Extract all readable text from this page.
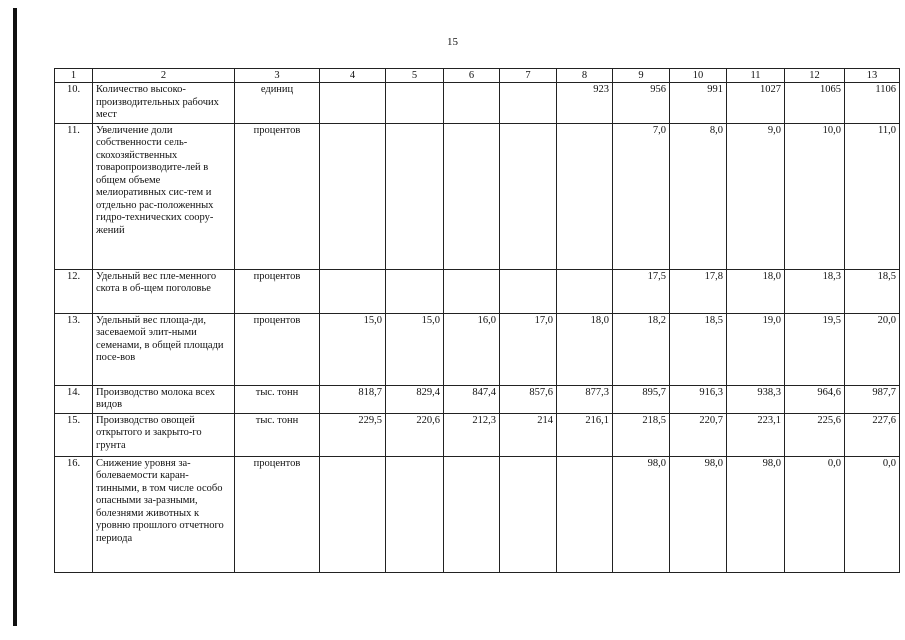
15
1	2	3	4	5	6	7	8	9	10	11	12	13
10.	Количество высоко-производительных рабочих мест	единиц					923	956	991	1027	1065	1106
11.	Увеличение доли собственности сель-скохозяйственных товаропроизводите-лей в общем объеме мелиоративных сис-тем и отдельно рас-положенных гидро-технических соору-жений	процентов						7,0	8,0	9,0	10,0	11,0
12.	Удельный вес пле-менного скота в об-щем поголовье	процентов						17,5	17,8	18,0	18,3	18,5
13.	Удельный вес площа-ди, засеваемой элит-ными семенами, в общей площади посе-вов	процентов	15,0	15,0	16,0	17,0	18,0	18,2	18,5	19,0	19,5	20,0
14.	Производство молока всех видов	тыс. тонн	818,7	829,4	847,4	857,6	877,3	895,7	916,3	938,3	964,6	987,7
15.	Производство овощей открытого и закрыто-го грунта	тыс. тонн	229,5	220,6	212,3	214	216,1	218,5	220,7	223,1	225,6	227,6
16.	Снижение уровня за-болеваемости каран-тинными, в том числе особо опасными за-разными, болезнями животных к уровню прошлого отчетного периода	процентов						98,0	98,0	98,0	0,0	0,0
